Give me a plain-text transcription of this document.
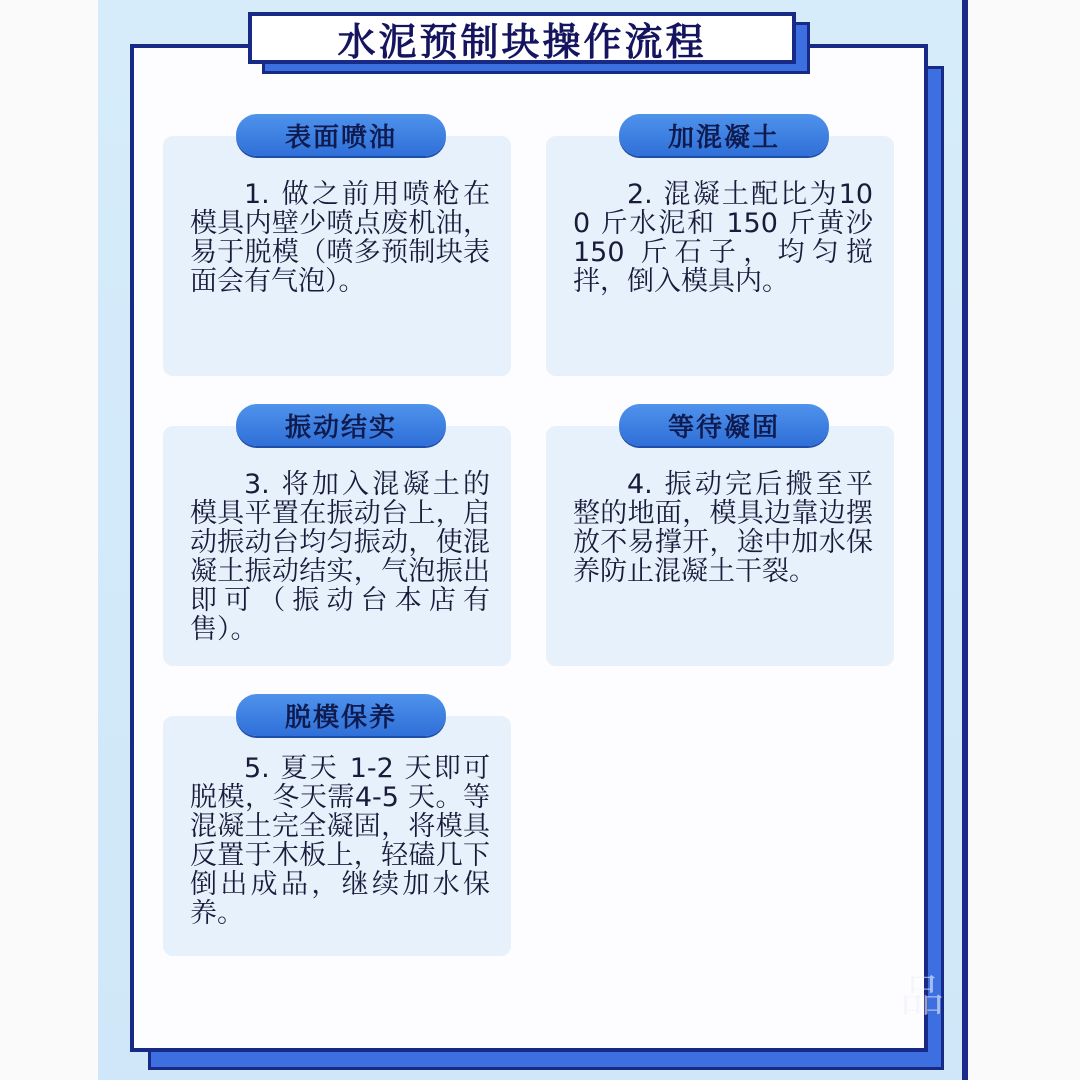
水泥预制块操作流程
表面喷油
1. 做之前用喷枪在模具内壁少喷点废机油，易于脱模（喷多预制块表面会有气泡）。
加混凝土
2. 混凝土配比为100 斤水泥和 150 斤黄沙 150 斤石子，均匀搅拌，倒入模具内。
振动结实
3. 将加入混凝土的模具平置在振动台上，启动振动台均匀振动，使混凝土振动结实，气泡振出即可（振动台本店有售）。
等待凝固
4. 振动完后搬至平整的地面，模具边靠边摆放不易撑开，途中加水保养防止混凝土干裂。
脱模保养
5. 夏天 1-2 天即可脱模，冬天需4-5 天。等混凝土完全凝固，将模具反置于木板上，轻磕几下倒出成品，继续加水保养。
品
